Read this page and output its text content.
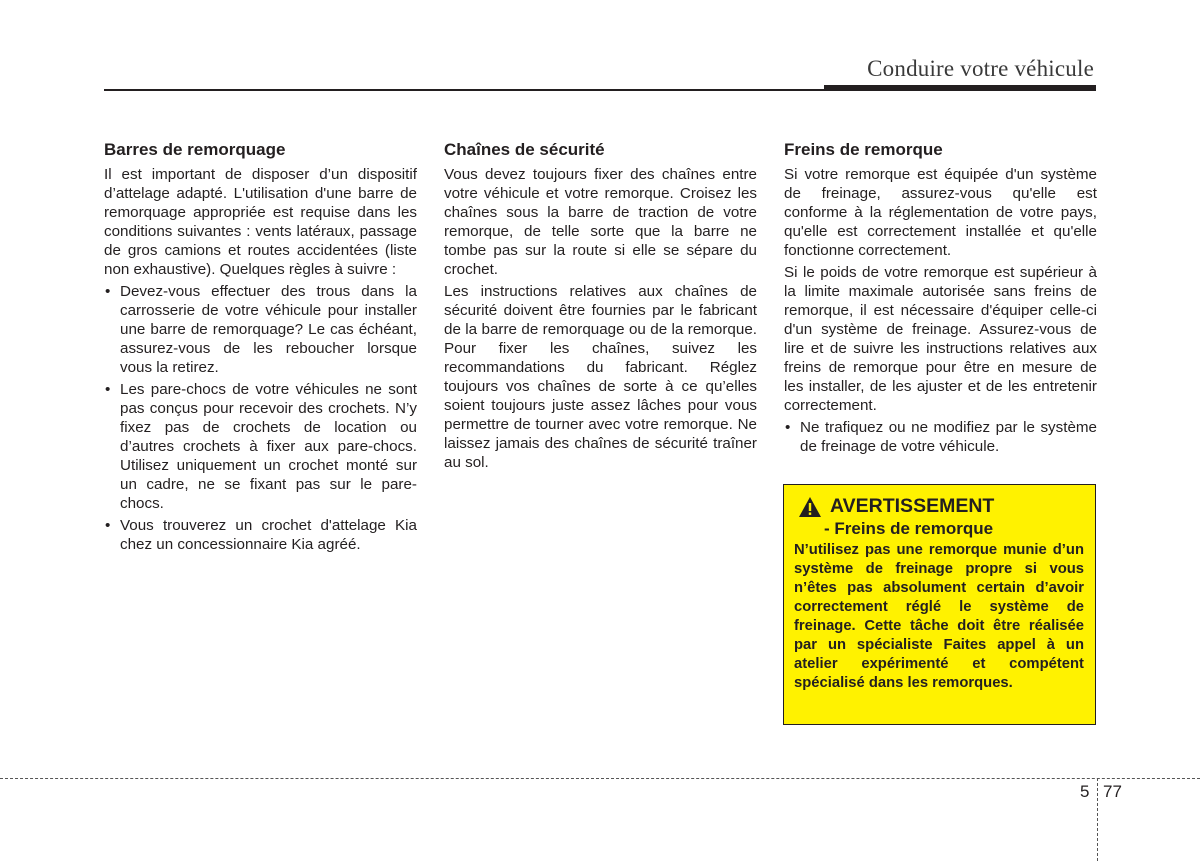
Conduire votre véhicule
Barres de remorquage

Il est important de disposer d’un dispositif d’attelage adapté. L'utilisation d'une barre de remorquage appropriée est requise dans les conditions suivantes : vents latéraux, passage de gros camions et routes accidentées (liste non exhaustive). Quelques règles à suivre :

• Devez-vous effectuer des trous dans la carrosserie de votre véhicule pour installer une barre de remorquage? Le cas échéant, assurez-vous de les reboucher lorsque vous la retirez.
• Les pare-chocs de votre véhicules ne sont pas conçus pour recevoir des crochets. N’y fixez pas de crochets de location ou d’autres crochets à fixer aux pare-chocs. Utilisez uniquement un crochet monté sur un cadre, ne se fixant pas sur le pare-chocs.
• Vous trouverez un crochet d'attelage Kia chez un concessionnaire Kia agréé.
Chaînes de sécurité

Vous devez toujours fixer des chaînes entre votre véhicule et votre remorque. Croisez les chaînes sous la barre de traction de votre remorque, de telle sorte que la barre ne tombe pas sur la route si elle se sépare du crochet.

Les instructions relatives aux chaînes de sécurité doivent être fournies par le fabricant de la barre de remorquage ou de la remorque. Pour fixer les chaînes, suivez les recommandations du fabricant. Réglez toujours vos chaînes de sorte à ce qu’elles soient toujours juste assez lâches pour vous permettre de tourner avec votre remorque. Ne laissez jamais des chaînes de sécurité traîner au sol.

Freins de remorque

Si votre remorque est équipée d'un système de freinage, assurez-vous qu'elle est conforme à la réglementation de votre pays, qu'elle est correctement installée et qu'elle fonctionne correctement.

Si le poids de votre remorque est supérieur à la limite maximale autorisée sans freins de remorque, il est nécessaire d'équiper celle-ci d'un système de freinage. Assurez-vous de lire et de suivre les instructions relatives aux freins de remorque pour être en mesure de les installer, de les ajuster et de les entretenir correctement.

• Ne trafiquez ou ne modifiez par le système de freinage de votre véhicule.
AVERTISSEMENT
- Freins de remorque

N’utilisez pas une remorque munie d’un système de freinage propre si vous n’êtes pas absolument certain d’avoir correctement réglé le système de freinage. Cette tâche doit être réalisée par un spécialiste Faites appel à un atelier expérimenté et compétent spécialisé dans les remorques.

5 77
